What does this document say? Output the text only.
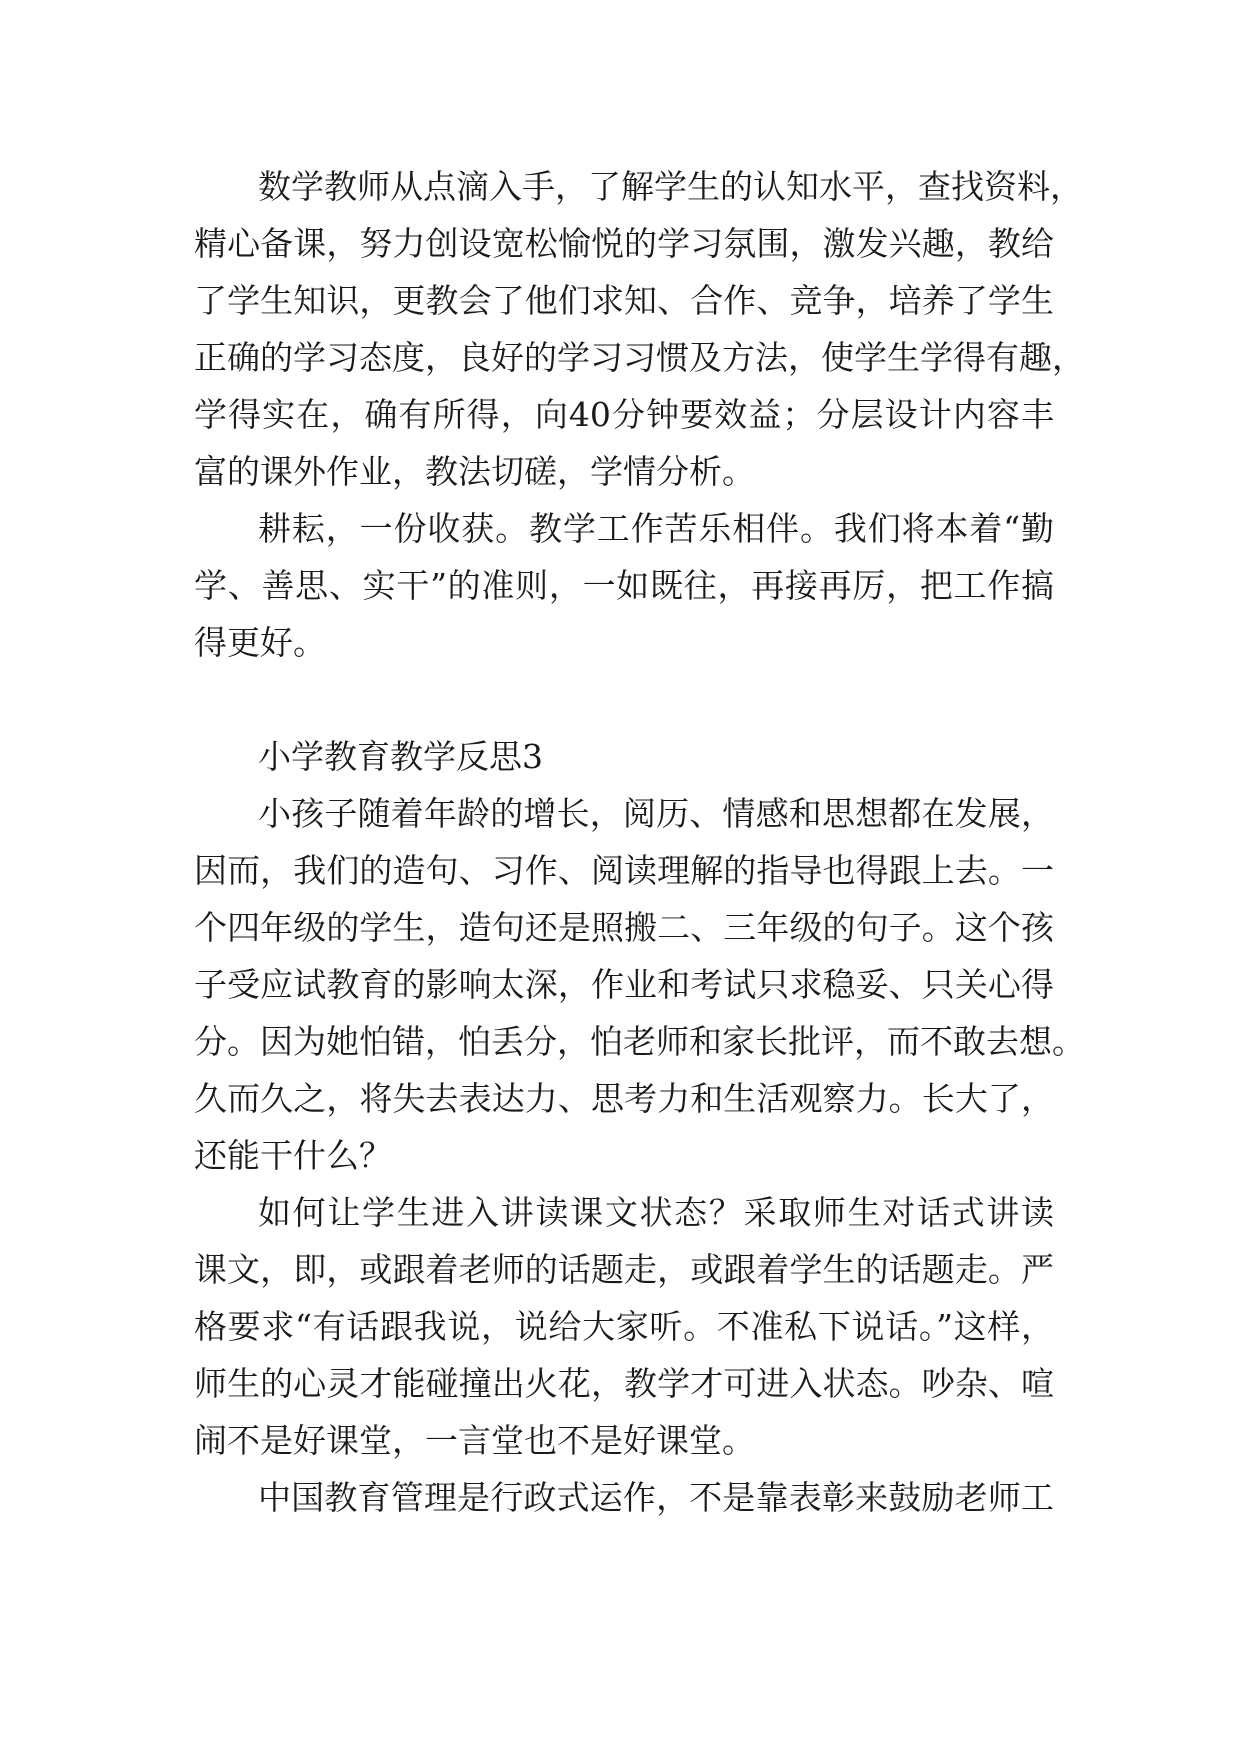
数学教师从点滴入手，了解学生的认知水平，查找资料，
精心备课，努力创设宽松愉悦的学习氛围，激发兴趣，教给
了学生知识，更教会了他们求知、合作、竞争，培养了学生
正确的学习态度，良好的学习习惯及方法，使学生学得有趣，
学得实在，确有所得，向40分钟要效益；分层设计内容丰
富的课外作业，教法切磋，学情分析。
耕耘，一份收获。教学工作苦乐相伴。我们将本着“勤
学、善思、实干”的准则，一如既往，再接再厉，把工作搞
得更好。
小学教育教学反思3
小孩子随着年龄的增长，阅历、情感和思想都在发展，
因而，我们的造句、习作、阅读理解的指导也得跟上去。一
个四年级的学生，造句还是照搬二、三年级的句子。这个孩
子受应试教育的影响太深，作业和考试只求稳妥、只关心得
分。因为她怕错，怕丢分，怕老师和家长批评，而不敢去想。
久而久之，将失去表达力、思考力和生活观察力。长大了，
还能干什么？
如何让学生进入讲读课文状态？采取师生对话式讲读
课文，即，或跟着老师的话题走，或跟着学生的话题走。严
格要求“有话跟我说，说给大家听。不准私下说话。”这样，
师生的心灵才能碰撞出火花，教学才可进入状态。吵杂、喧
闹不是好课堂，一言堂也不是好课堂。
中国教育管理是行政式运作，不是靠表彰来鼓励老师工
